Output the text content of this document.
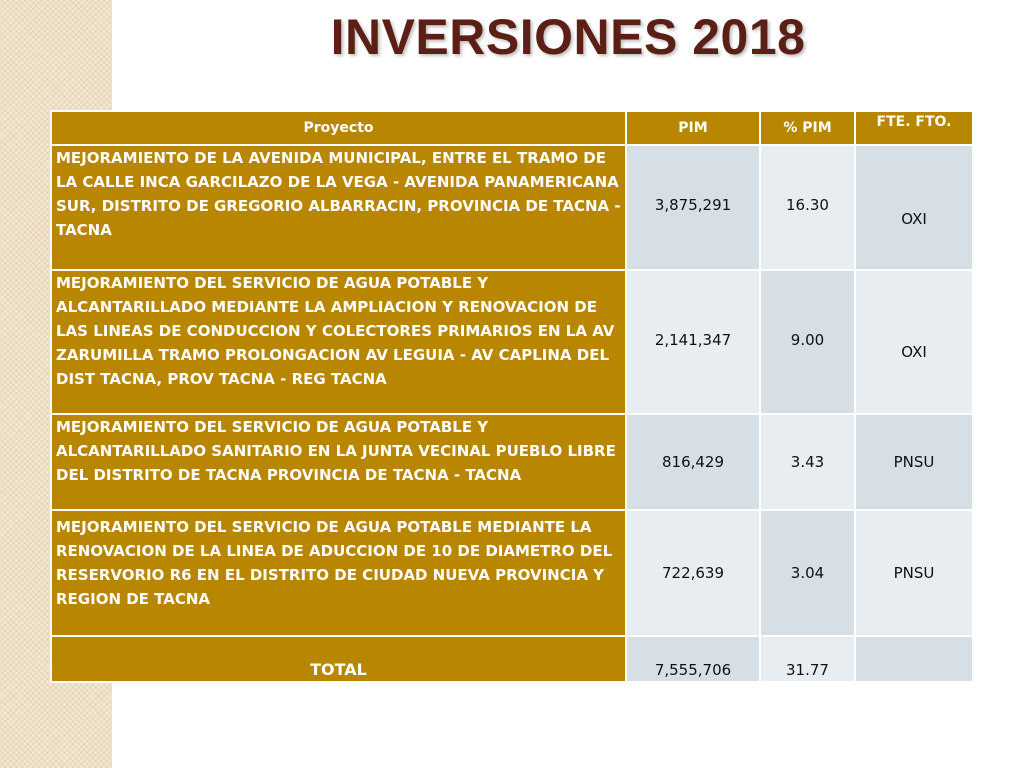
INVERSIONES 2018
Proyecto	PIM	% PIM	FTE. FTO.
MEJORAMIENTO DE LA AVENIDA MUNICIPAL, ENTRE EL TRAMO DE LA CALLE INCA GARCILAZO DE LA VEGA - AVENIDA PANAMERICANA SUR, DISTRITO DE GREGORIO ALBARRACIN, PROVINCIA DE TACNA - TACNA	3,875,291	16.30	OXI
MEJORAMIENTO DEL SERVICIO DE AGUA POTABLE Y ALCANTARILLADO MEDIANTE LA AMPLIACION Y RENOVACION DE LAS LINEAS DE CONDUCCION Y COLECTORES PRIMARIOS EN LA AV ZARUMILLA TRAMO PROLONGACION AV LEGUIA - AV CAPLINA DEL DIST TACNA, PROV TACNA - REG TACNA	2,141,347	9.00	OXI
MEJORAMIENTO DEL SERVICIO DE AGUA POTABLE Y ALCANTARILLADO SANITARIO EN LA JUNTA VECINAL PUEBLO LIBRE DEL DISTRITO DE TACNA PROVINCIA DE TACNA - TACNA	816,429	3.43	PNSU
MEJORAMIENTO DEL SERVICIO DE AGUA POTABLE MEDIANTE LA RENOVACION DE LA LINEA DE ADUCCION DE 10 DE DIAMETRO DEL RESERVORIO R6 EN EL DISTRITO DE CIUDAD NUEVA PROVINCIA Y REGION DE TACNA	722,639	3.04	PNSU
TOTAL	7,555,706	31.77	
